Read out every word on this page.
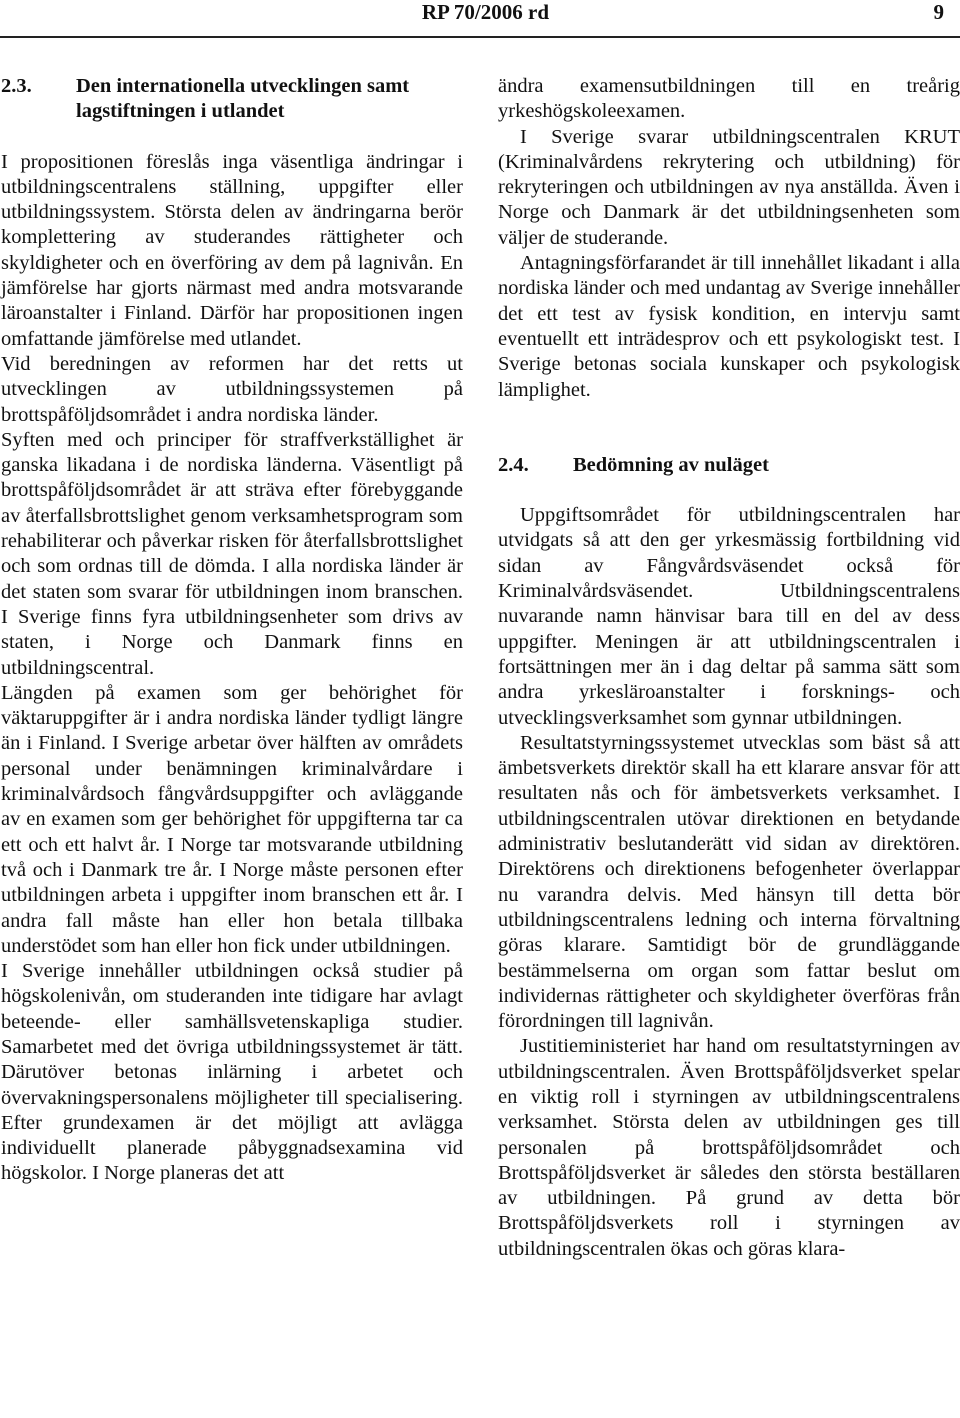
RP 70/2006 rd	9
2.3. Den internationella utvecklingen samt lagstiftningen i utlandet

I propositionen föreslås inga väsentliga ändringar i utbildningscentralens ställning, uppgifter eller utbildningssystem. Största delen av ändringarna berör komplettering av studerandes rättigheter och skyldigheter och en överföring av dem på lagnivån. En jämförelse har gjorts närmast med andra motsvarande läroanstalter i Finland. Därför har propositionen ingen omfattande jämförelse med utlandet.

Vid beredningen av reformen har det retts ut utvecklingen av utbildningssystemen på brottspåföljdsområdet i andra nordiska länder.

Syften med och principer för straffverkställighet är ganska likadana i de nordiska länderna. Väsentligt på brottspåföljdsområdet är att sträva efter förebyggande av återfallsbrottslighet genom verksamhetsprogram som rehabiliterar och påverkar risken för återfallsbrottslighet och som ordnas till de dömda. I alla nordiska länder är det staten som svarar för utbildningen inom branschen. I Sverige finns fyra utbildningsenheter som drivs av staten, i Norge och Danmark finns en utbildningscentral.

Längden på examen som ger behörighet för väktaruppgifter är i andra nordiska länder tydligt längre än i Finland. I Sverige arbetar över hälften av områdets personal under benämningen kriminalvårdare i kriminalvårdsoch fångvårdsuppgifter och avläggande av en examen som ger behörighet för uppgifterna tar ca ett och ett halvt år. I Norge tar motsvarande utbildning två och i Danmark tre år. I Norge måste personen efter utbildningen arbeta i uppgifter inom branschen ett år. I andra fall måste han eller hon betala tillbaka understödet som han eller hon fick under utbildningen.

I Sverige innehåller utbildningen också studier på högskolenivån, om studeranden inte tidigare har avlagt beteende- eller samhällsvetenskapliga studier. Samarbetet med det övriga utbildningssystemet är tätt. Därutöver betonas inlärning i arbetet och övervakningspersonalens möjligheter till specialisering. Efter grundexamen är det möjligt att avlägga individuellt planerade påbyggnadsexamina vid högskolor. I Norge planeras det att

ändra examensutbildningen till en treårig yrkeshögskoleexamen.

I Sverige svarar utbildningscentralen KRUT (Kriminalvårdens rekrytering och utbildning) för rekryteringen och utbildningen av nya anställda. Även i Norge och Danmark är det utbildningsenheten som väljer de studerande.

Antagningsförfarandet är till innehållet likadant i alla nordiska länder och med undantag av Sverige innehåller det ett test av fysisk kondition, en intervju samt eventuellt ett inträdesprov och ett psykologiskt test. I Sverige betonas sociala kunskaper och psykologisk lämplighet.

2.4. Bedömning av nuläget

Uppgiftsområdet för utbildningscentralen har utvidgats så att den ger yrkesmässig fortbildning vid sidan av Fångvårdsväsendet också för Kriminalvårdsväsendet. Utbildningscentralens nuvarande namn hänvisar bara till en del av dess uppgifter. Meningen är att utbildningscentralen i fortsättningen mer än i dag deltar på samma sätt som andra yrkesläroanstalter i forsknings- och utvecklingsverksamhet som gynnar utbildningen.

Resultatstyrningssystemet utvecklas som bäst så att ämbetsverkets direktör skall ha ett klarare ansvar för att resultaten nås och för ämbetsverkets verksamhet. I utbildningscentralen utövar direktionen en betydande administrativ beslutanderätt vid sidan av direktören. Direktörens och direktionens befogenheter överlappar nu varandra delvis. Med hänsyn till detta bör utbildningscentralens ledning och interna förvaltning göras klarare. Samtidigt bör de grundläggande bestämmelserna om organ som fattar beslut om individernas rättigheter och skyldigheter överföras från förordningen till lagnivån.

Justitieministeriet har hand om resultatstyrningen av utbildningscentralen. Även Brottspåföljdsverket spelar en viktig roll i styrningen av utbildningscentralens verksamhet. Största delen av utbildningen ges till personalen på brottspåföljdsområdet och Brottspåföljdsverket är således den största beställaren av utbildningen. På grund av detta bör Brottspåföljdsverkets roll i styrningen av utbildningscentralen ökas och göras klara-
